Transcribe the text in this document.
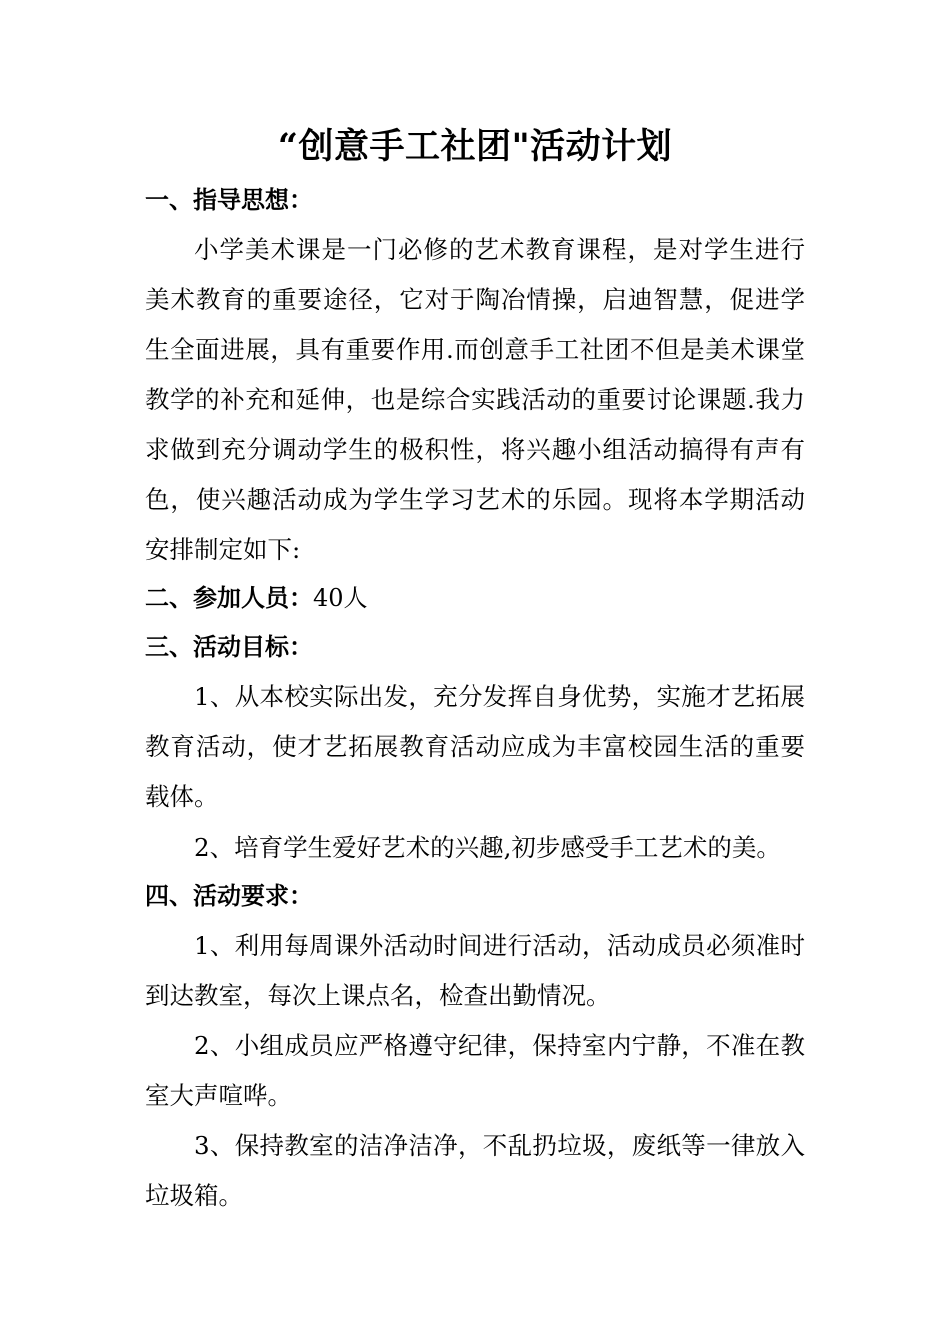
“创意手工社团"活动计划
一、指导思想：

小学美术课是一门必修的艺术教育课程，是对学生进行美术教育的重要途径，它对于陶冶情操，启迪智慧，促进学生全面进展，具有重要作用.而创意手工社团不但是美术课堂教学的补充和延伸，也是综合实践活动的重要讨论课题.我力求做到充分调动学生的极积性，将兴趣小组活动搞得有声有色，使兴趣活动成为学生学习艺术的乐园。现将本学期活动安排制定如下:

二、参加人员：40人
三、活动目标：

1、从本校实际出发，充分发挥自身优势，实施才艺拓展教育活动，使才艺拓展教育活动应成为丰富校园生活的重要载体。

2、培育学生爱好艺术的兴趣,初步感受手工艺术的美。

四、活动要求：

1、利用每周课外活动时间进行活动，活动成员必须准时到达教室，每次上课点名，检查出勤情况。

2、小组成员应严格遵守纪律，保持室内宁静，不准在教室大声喧哗。

3、保持教室的洁净洁净，不乱扔垃圾，废纸等一律放入垃圾箱。
